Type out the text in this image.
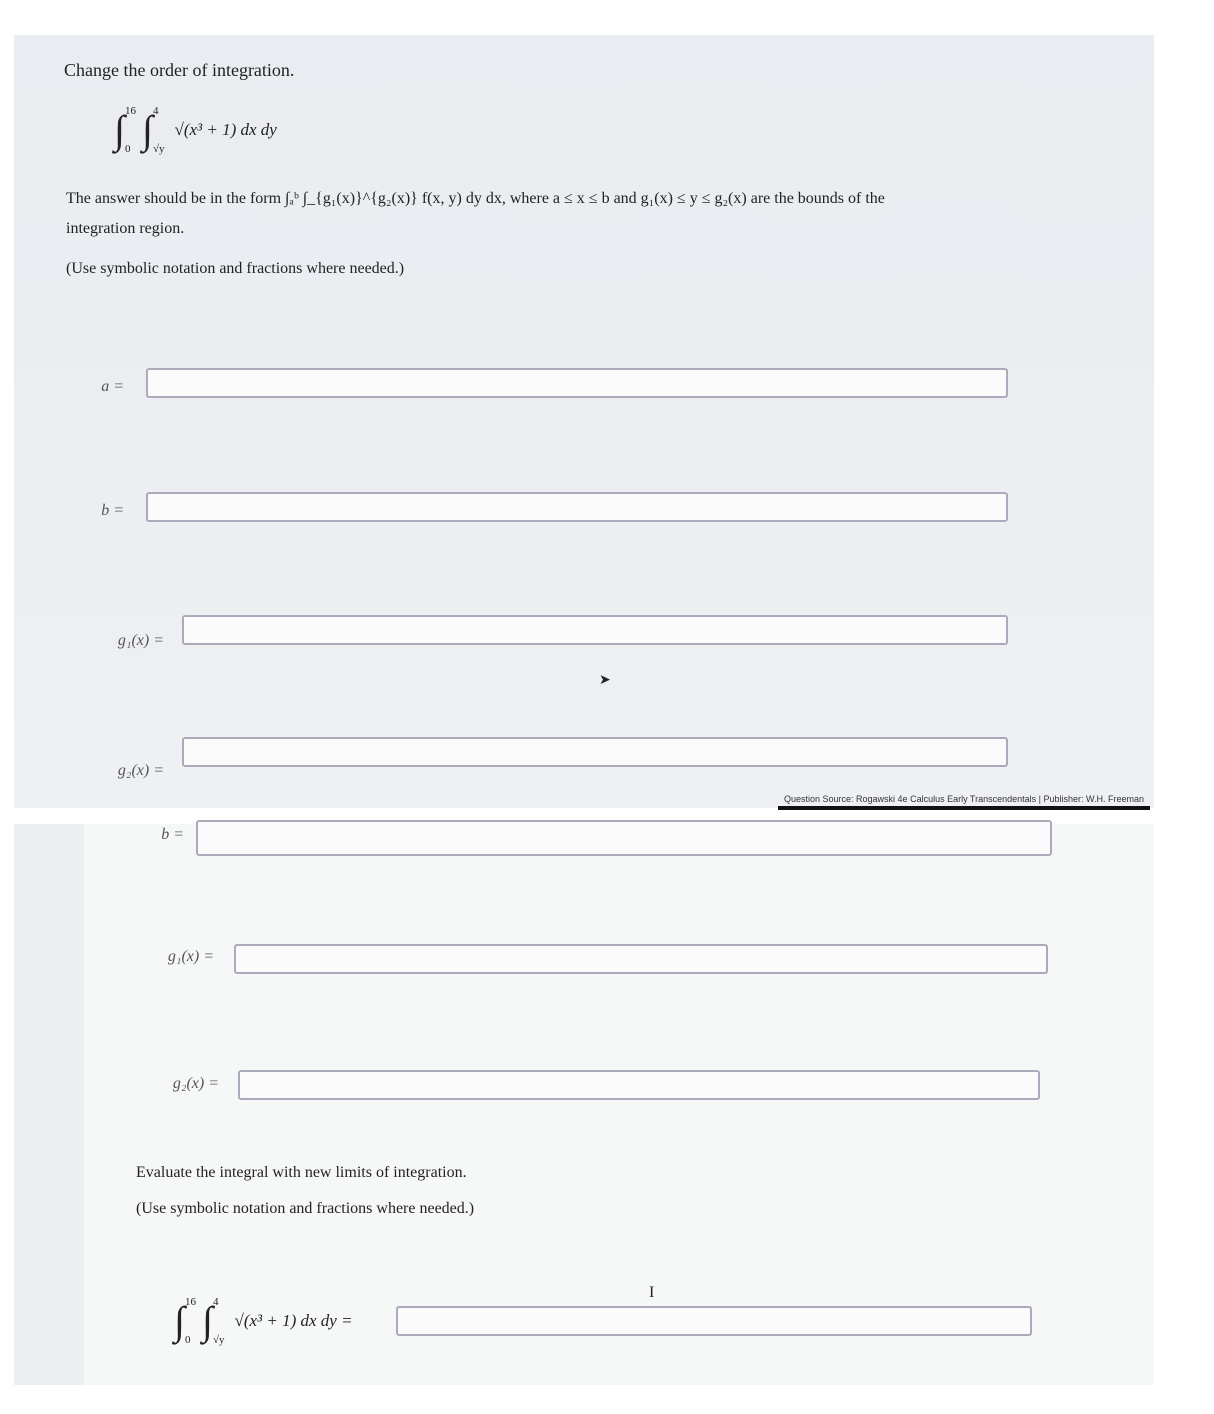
Change the order of integration.
∫ 16
0 ∫ 4
√y
√(x³ + 1) dx dy
The answer should be in the form ∫ₐᵇ ∫_{g₁(x)}^{g₂(x)} f(x, y) dy dx, where a ≤ x ≤ b and g₁(x) ≤ y ≤ g₂(x) are the bounds of the
integration region.
(Use symbolic notation and fractions where needed.)
a =
b =
g₁(x) =
g₂(x) =
➤
Question Source: Rogawski 4e Calculus Early Transcendentals | Publisher: W.H. Freeman
b =
g₁(x) =
g₂(x) =
Evaluate the integral with new limits of integration.
(Use symbolic notation and fractions where needed.)
∫ 16
0 ∫ 4
√y
√(x³ + 1) dx dy =
I
